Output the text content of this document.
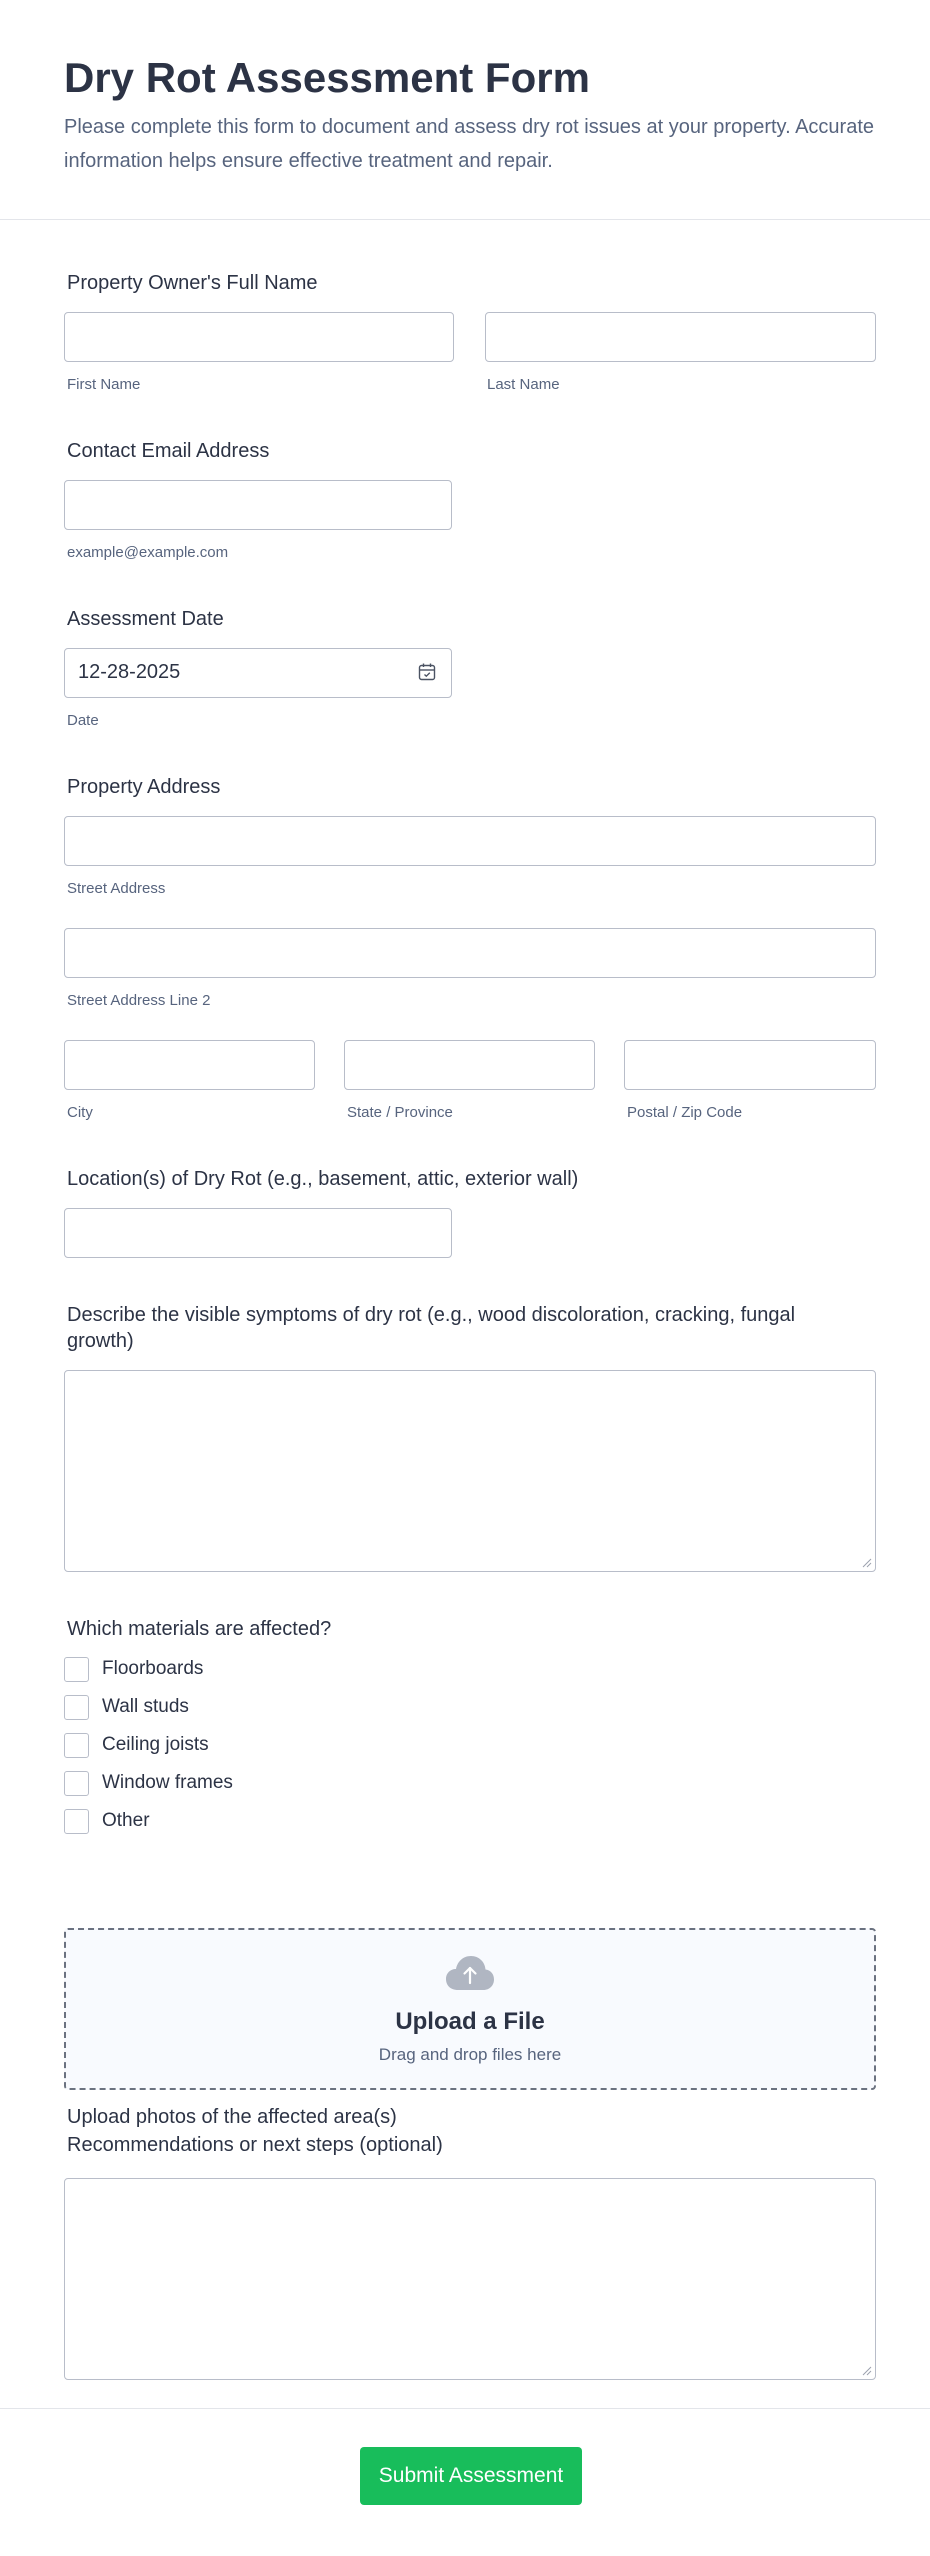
Dry Rot Assessment Form

Please complete this form to document and assess dry rot issues at your property. Accurate information helps ensure effective treatment and repair.

Property Owner's Full Name
First Name	Last Name
Contact Email Address
example@example.com
Assessment Date
12-28-2025
Date
Property Address
Street Address
Street Address Line 2
City	State / Province	Postal / Zip Code
Location(s) of Dry Rot (e.g., basement, attic, exterior wall)
Describe the visible symptoms of dry rot (e.g., wood discoloration, cracking, fungal growth)
Which materials are affected?
Floorboards
Wall studs
Ceiling joists
Window frames
Other
Upload photos of the affected area(s)
Upload a File
Drag and drop files here
Recommendations or next steps (optional)
Submit Assessment
